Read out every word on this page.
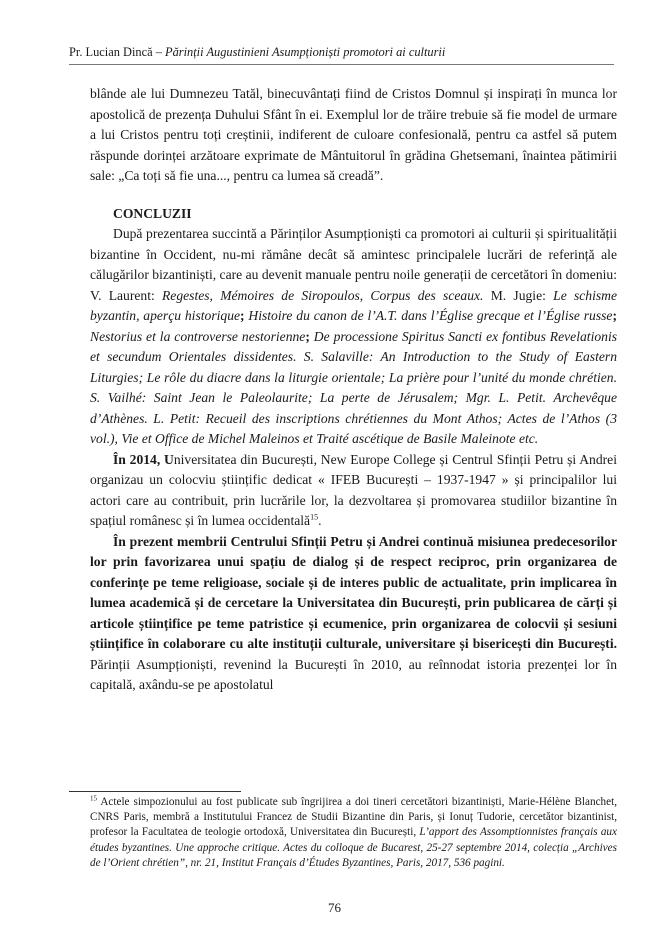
Pr. Lucian Dincă – Părinții Augustinieni Asumpționiști promotori ai culturii

blânde ale lui Dumnezeu Tatăl, binecuvântați fiind de Cristos Domnul și inspirați în munca lor apostolică de prezența Duhului Sfânt în ei. Exemplul lor de trăire trebuie să fie model de urmare a lui Cristos pentru toți creștinii, indiferent de culoare confesională, pentru ca astfel să putem răspunde dorinței arzătoare exprimate de Mântuitorul în grădina Ghetsemani, înaintea pătimirii sale: „Ca toți să fie una..., pentru ca lumea să creadă”.

CONCLUZII

După prezentarea succintă a Părinților Asumpționiști ca promotori ai culturii și spiritualității bizantine în Occident, nu-mi rămâne decât să amintesc principalele lucrări de referință ale călugărilor bizantiniști, care au devenit manuale pentru noile generații de cercetători în domeniu: V. Laurent: Regestes, Mémoires de Siropoulos, Corpus des sceaux. M. Jugie: Le schisme byzantin, aperçu historique; Histoire du canon de l’A.T. dans l’Église grecque et l’Église russe; Nestorius et la controverse nestorienne; De processione Spiritus Sancti ex fontibus Revelationis et secundum Orientales dissidentes. S. Salaville: An Introduction to the Study of Eastern Liturgies; Le rôle du diacre dans la liturgie orientale; La prière pour l’unité du monde chrétien. S. Vailhé: Saint Jean le Paleolaurite; La perte de Jérusalem; Mgr. L. Petit. Archevêque d’Athènes. L. Petit: Recueil des inscriptions chrétiennes du Mont Athos; Actes de l’Athos (3 vol.), Vie et Office de Michel Maleinos et Traité ascétique de Basile Maleinote etc.

În 2014, Universitatea din București, New Europe College și Centrul Sfinții Petru și Andrei organizau un colocviu științific dedicat « IFEB București – 1937-1947 » și principalilor lui actori care au contribuit, prin lucrările lor, la dezvoltarea și promovarea studiilor bizantine în spațiul românesc și în lumea occidentală$^{15}$.

În prezent membrii Centrului Sfinții Petru și Andrei continuă misiunea predecesorilor lor prin favorizarea unui spațiu de dialog și de respect reciproc, prin organizarea de conferințe pe teme religioase, sociale și de interes public de actualitate, prin implicarea în lumea academică și de cercetare la Universitatea din București, prin publicarea de cărți și articole științifice pe teme patristice și ecumenice, prin organizarea de colocvii și sesiuni științifice în colaborare cu alte instituții culturale, universitare și bisericești din București. Părinții Asumpționiști, revenind la București în 2010, au reînnodat istoria prezenței lor în capitală, axându-se pe apostolatul

$^{15}$ Actele simpozionului au fost publicate sub îngrijirea a doi tineri cercetători bizantiniști, Marie-Hélène Blanchet, CNRS Paris, membră a Institutului Francez de Studii Bizantine din Paris, și Ionuț Tudorie, cercetător bizantinist, profesor la Facultatea de teologie ortodoxă, Universitatea din București, L’apport des Assomptionnistes français aux études byzantines. Une approche critique. Actes du colloque de Bucarest, 25-27 septembre 2014, colecția „Archives de l’Orient chrétien”, nr. 21, Institut Français d’Études Byzantines, Paris, 2017, 536 pagini.
76
